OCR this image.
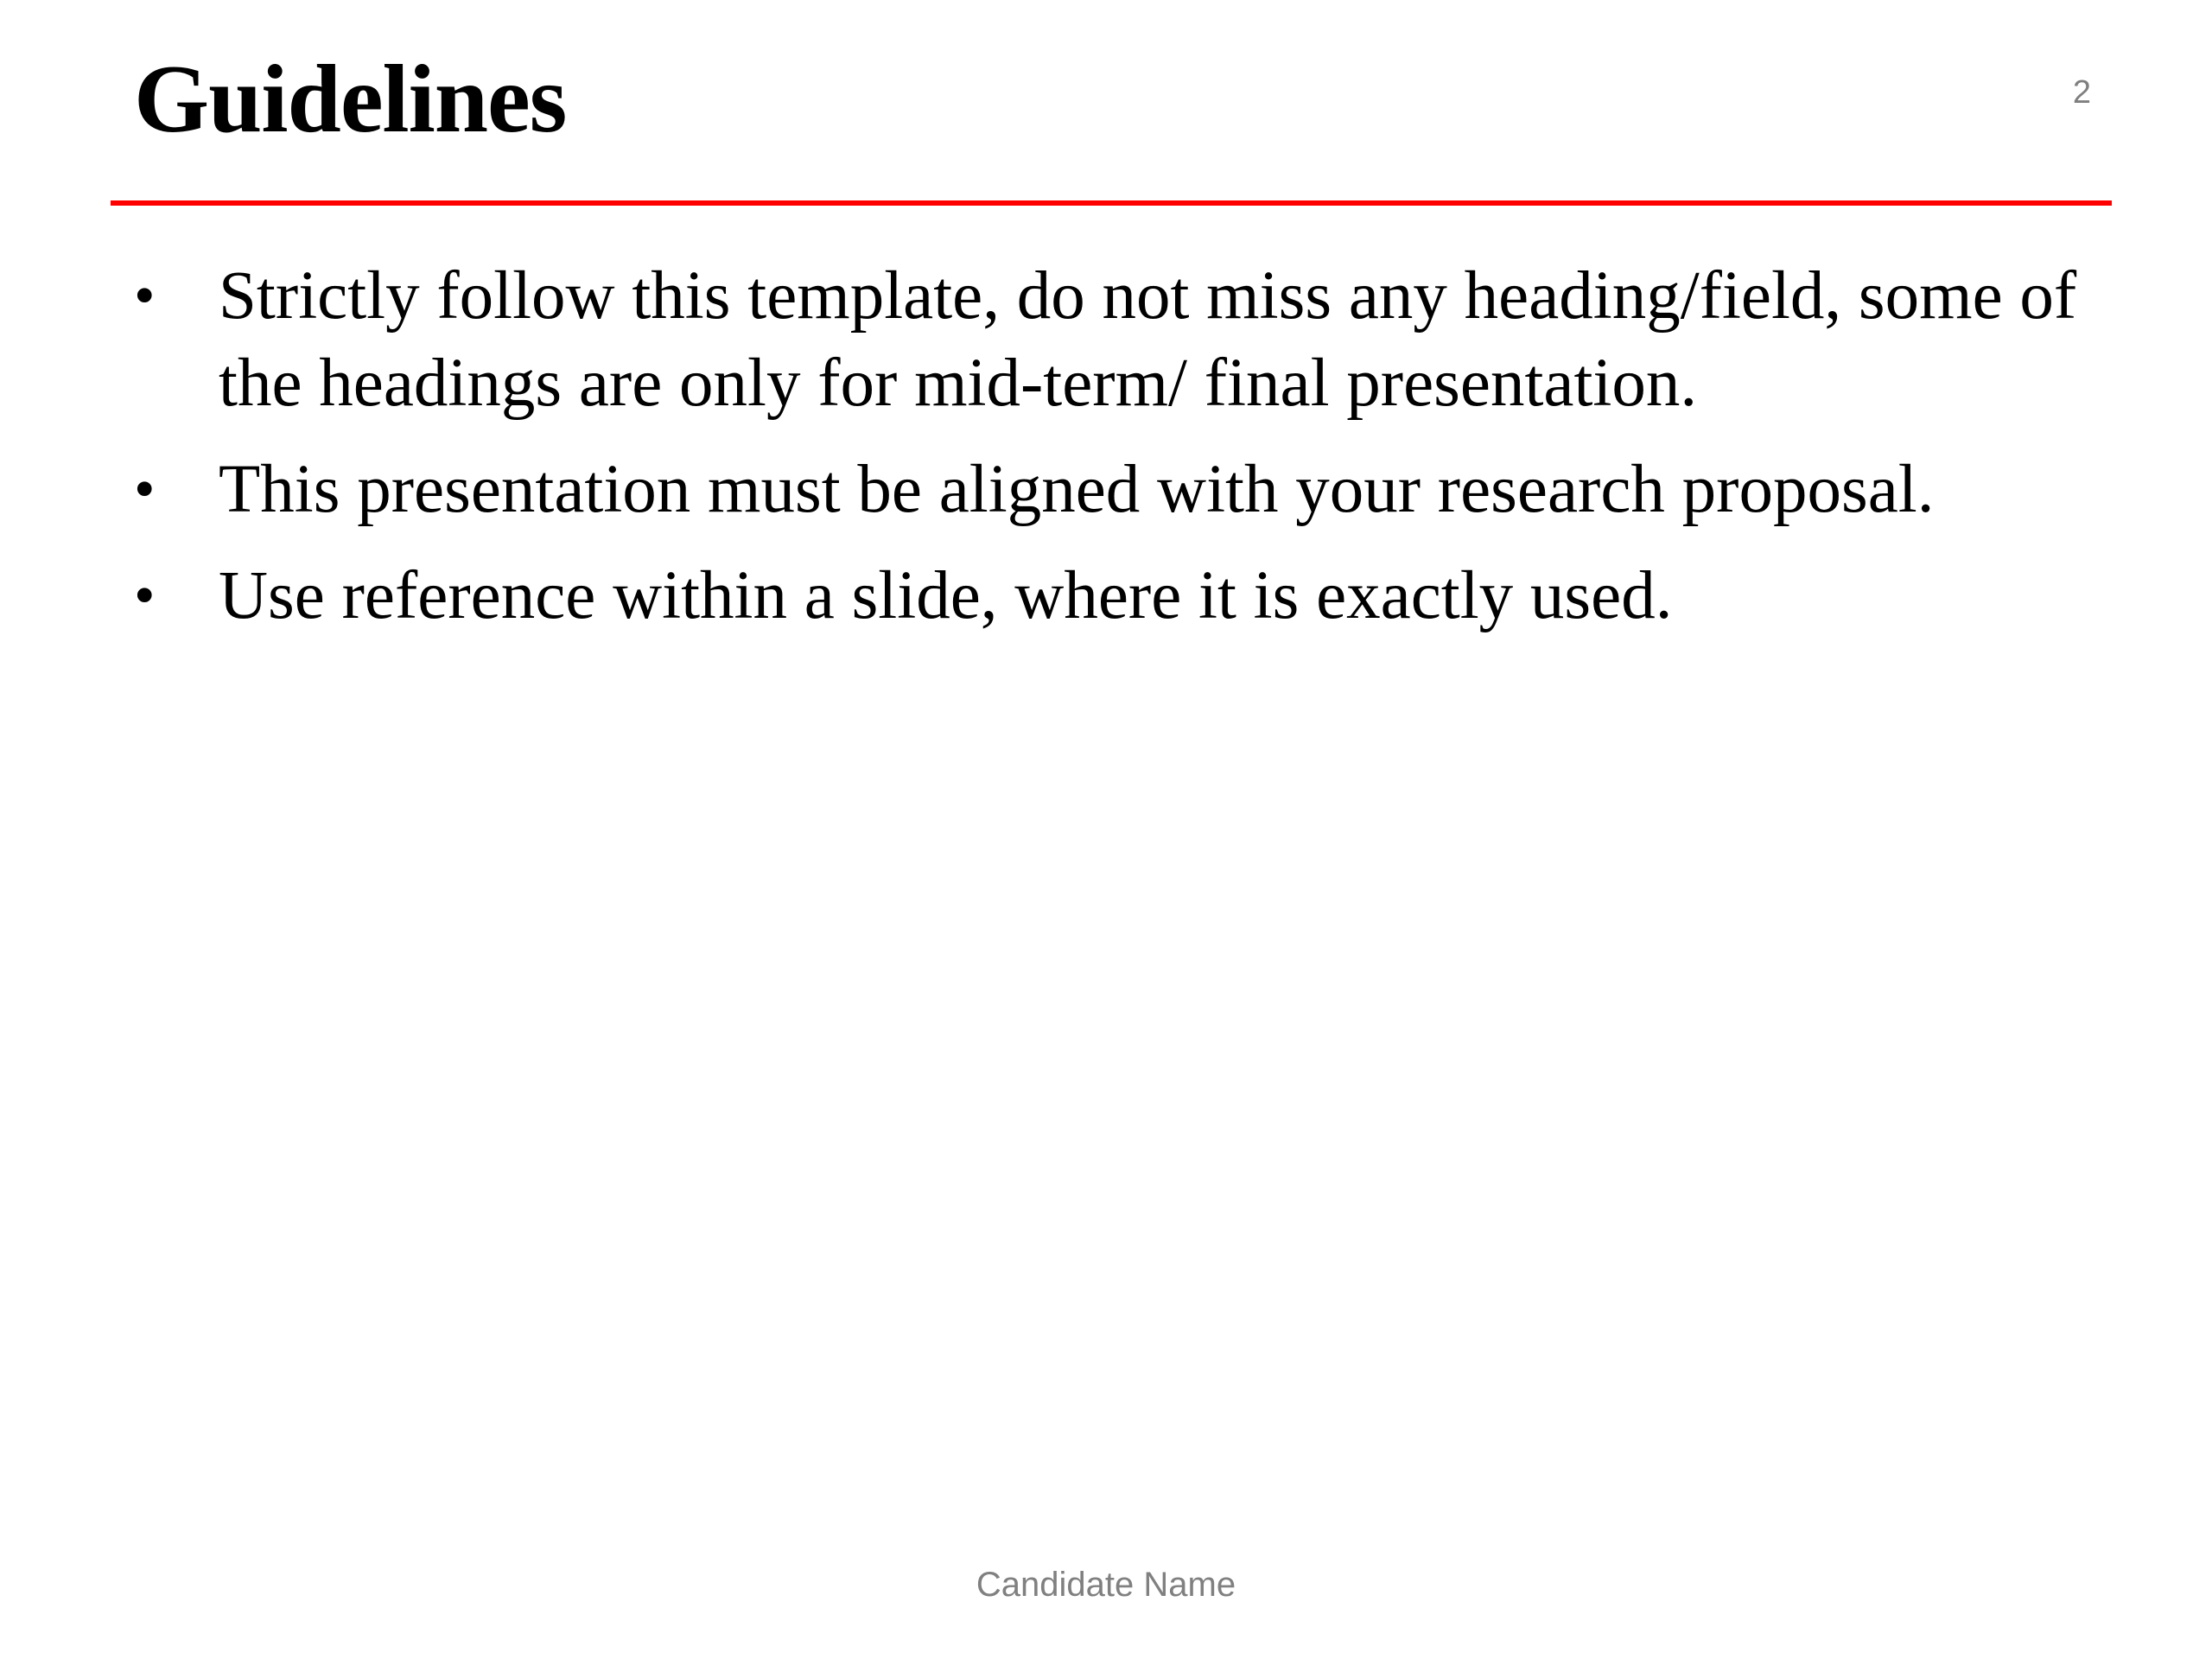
Guidelines	2
• Strictly follow this template, do not miss any heading/field, some of the headings are only for mid-term/ final presentation.
• This presentation must be aligned with your research proposal.
• Use reference within a slide, where it is exactly used.
Candidate Name
